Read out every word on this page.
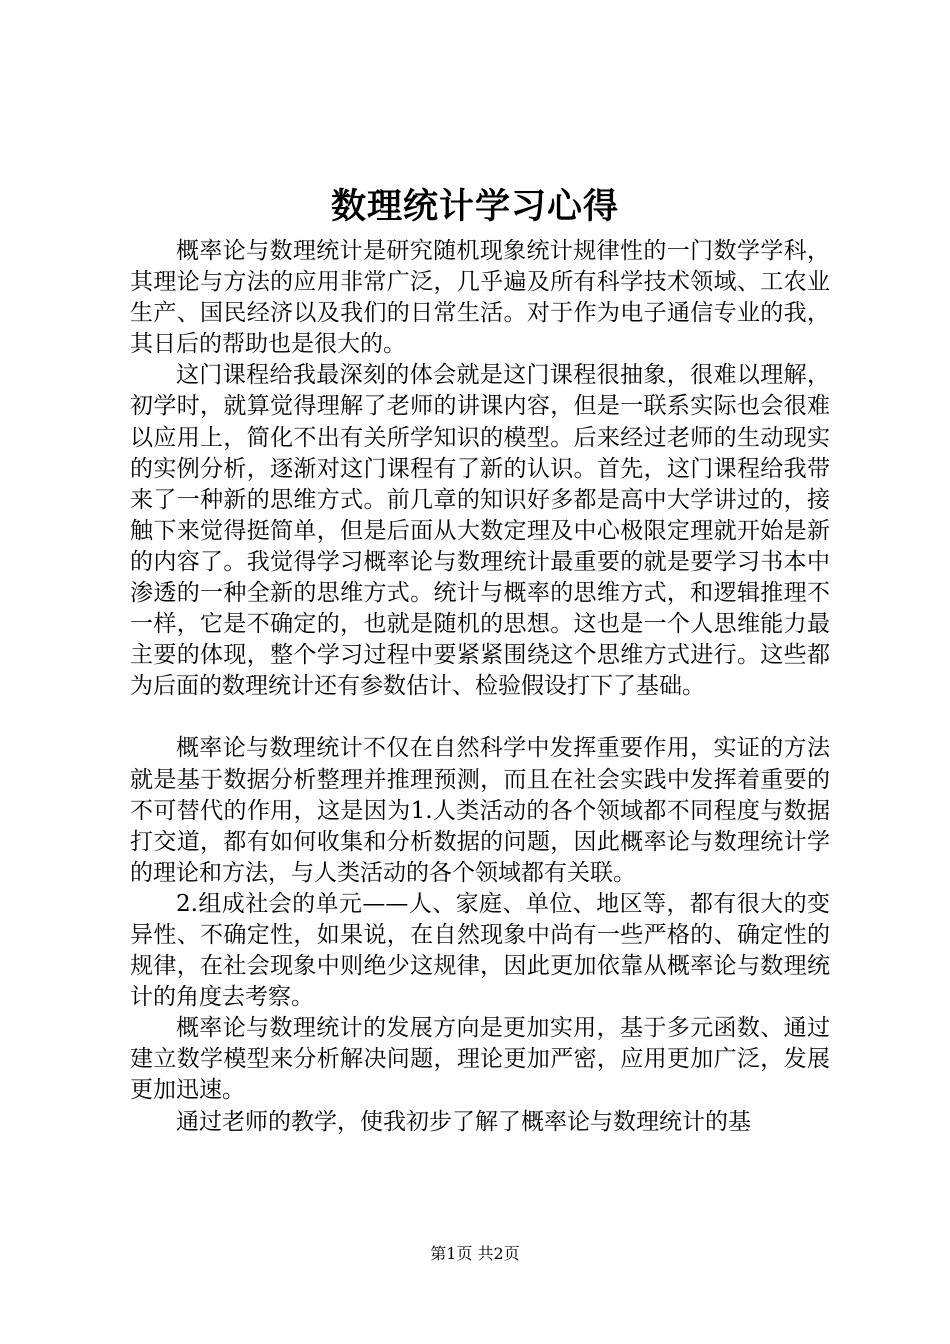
数理统计学习心得

概率论与数理统计是研究随机现象统计规律性的一门数学学科，其理论与方法的应用非常广泛，几乎遍及所有科学技术领域、工农业生产、国民经济以及我们的日常生活。对于作为电子通信专业的我，其日后的帮助也是很大的。

这门课程给我最深刻的体会就是这门课程很抽象，很难以理解，初学时，就算觉得理解了老师的讲课内容，但是一联系实际也会很难以应用上，简化不出有关所学知识的模型。后来经过老师的生动现实的实例分析，逐渐对这门课程有了新的认识。首先，这门课程给我带来了一种新的思维方式。前几章的知识好多都是高中大学讲过的，接触下来觉得挺简单，但是后面从大数定理及中心极限定理就开始是新的内容了。我觉得学习概率论与数理统计最重要的就是要学习书本中渗透的一种全新的思维方式。统计与概率的思维方式，和逻辑推理不一样，它是不确定的，也就是随机的思想。这也是一个人思维能力最主要的体现，整个学习过程中要紧紧围绕这个思维方式进行。这些都为后面的数理统计还有参数估计、检验假设打下了基础。

概率论与数理统计不仅在自然科学中发挥重要作用，实证的方法就是基于数据分析整理并推理预测，而且在社会实践中发挥着重要的不可替代的作用，这是因为1.人类活动的各个领域都不同程度与数据打交道，都有如何收集和分析数据的问题，因此概率论与数理统计学的理论和方法，与人类活动的各个领域都有关联。

2.组成社会的单元——人、家庭、单位、地区等，都有很大的变异性、不确定性，如果说，在自然现象中尚有一些严格的、确定性的规律，在社会现象中则绝少这规律，因此更加依靠从概率论与数理统计的角度去考察。

概率论与数理统计的发展方向是更加实用，基于多元函数、通过建立数学模型来分析解决问题，理论更加严密，应用更加广泛，发展更加迅速。

通过老师的教学，使我初步了解了概率论与数理统计的基

第1页 共2页
